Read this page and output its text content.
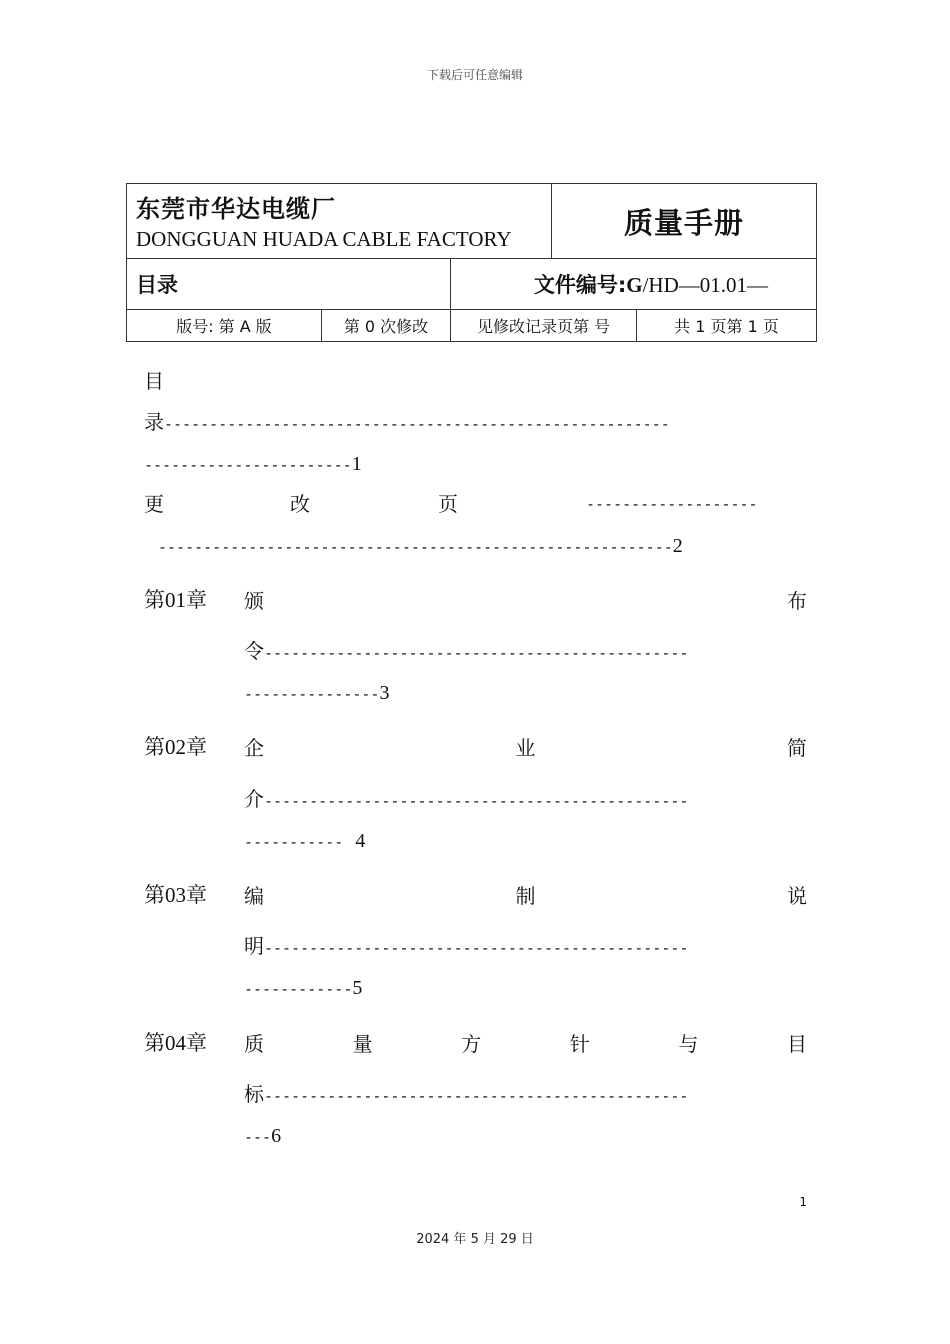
下载后可任意编辑
东莞市华达电缆厂
DONGGUAN HUADA CABLE FACTORY			质量手册	
目录		文件编号:G/HD—01.01—		
版号: 第 A 版	第 0 次修改	见修改记录页第 号		共 1 页第 1 页
目
录--------------------------------------------------------
-----------------------1
更	改	页	-------------------
---------------------------------------------------------2
第01章 颁	布
令-----------------------------------------------
---------------3
第02章 企	业	简
介-----------------------------------------------
----------- 4
第03章 编	制	说
明-----------------------------------------------
------------5
第04章 质	量	方	针	与	目
标-----------------------------------------------
---6
1
2024 年 5 月 29 日
